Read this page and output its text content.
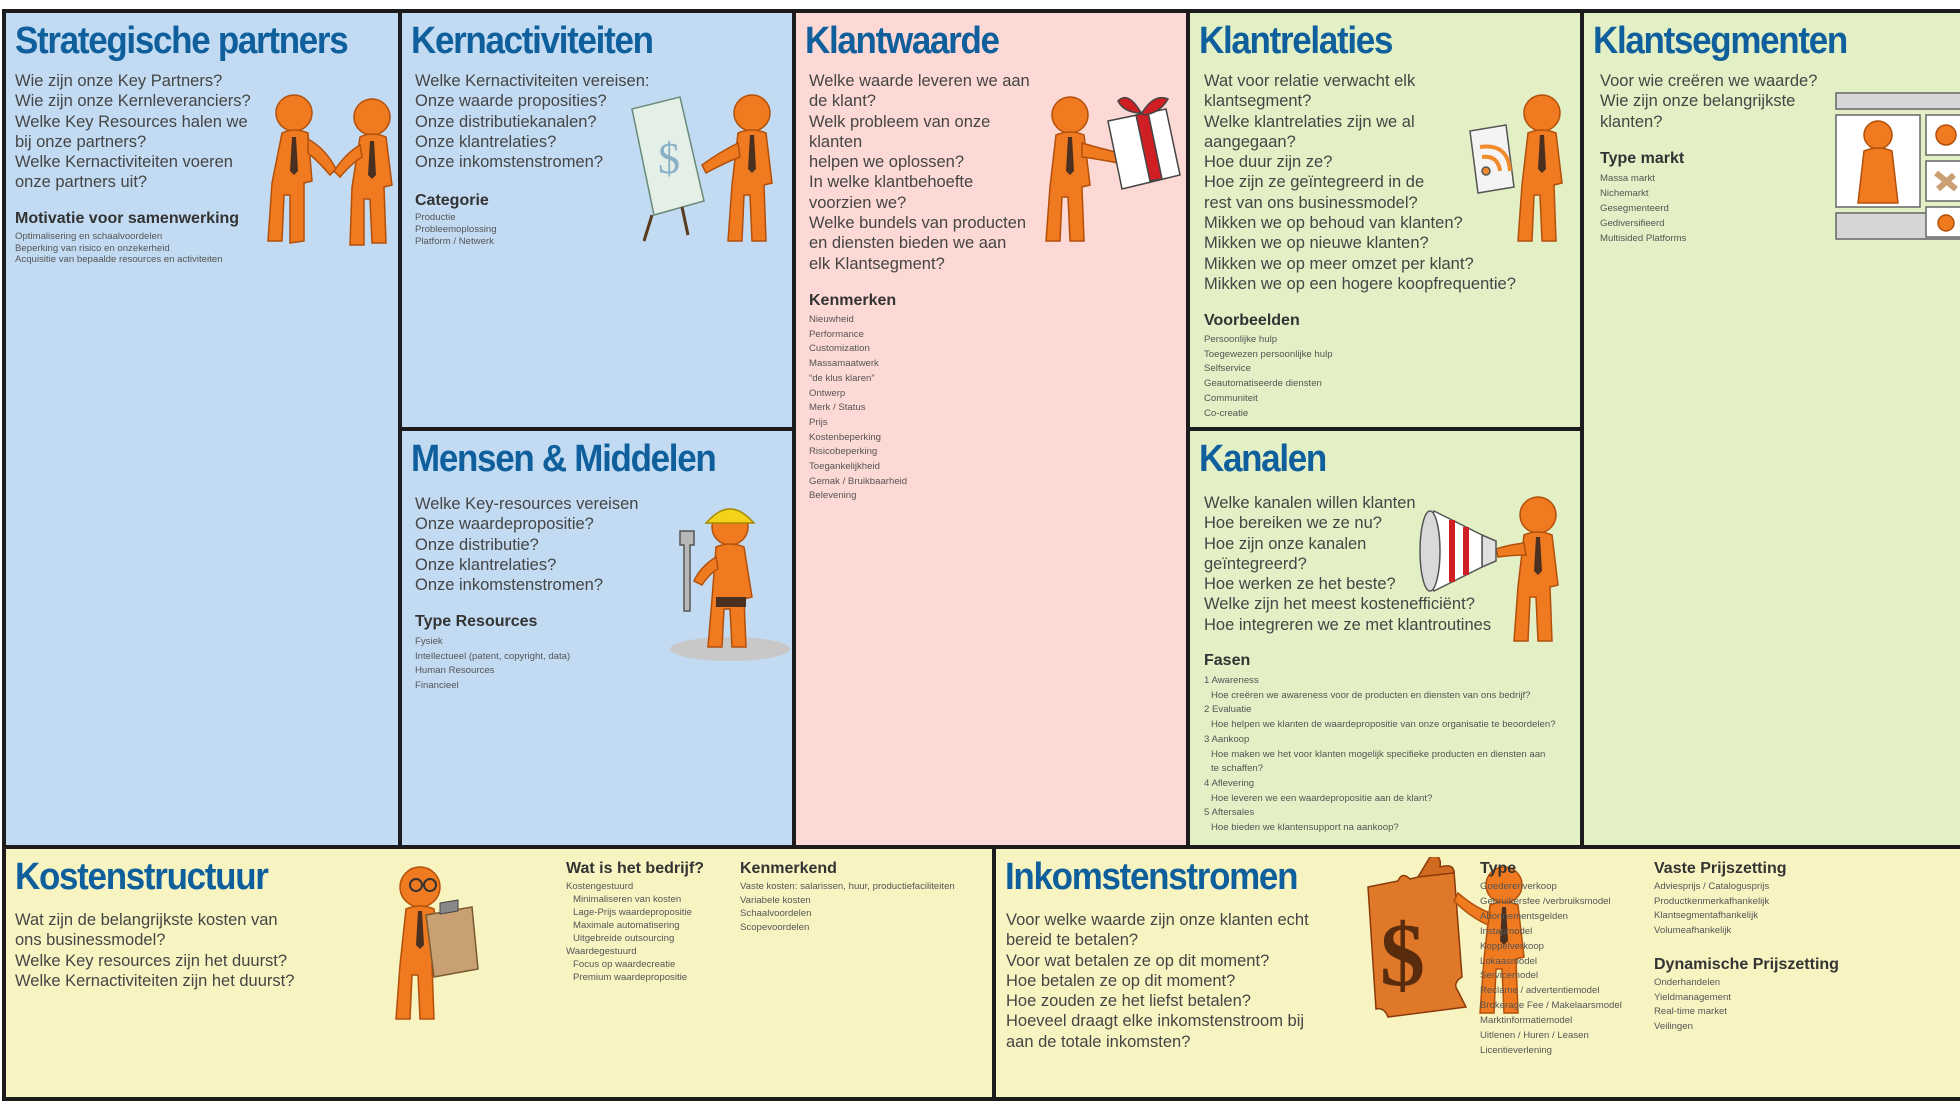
Strategische partners
Wie zijn onze Key Partners?
Wie zijn onze Kernleveranciers?
Welke Key Resources halen we
bij onze partners?
Welke Kernactiviteiten voeren
onze partners uit?
Motivatie voor samenwerking
Optimalisering en schaalvoordelen
Beperking van risico en onzekerheid
Acquisitie van bepaalde resources en activiteiten
Kernactiviteiten
Welke Kernactiviteiten vereisen:
Onze waarde proposities?
Onze distributiekanalen?
Onze klantrelaties?
Onze inkomstenstromen?
Categorie
Productie
Probleemoplossing
Platform / Netwerk
$
Mensen & Middelen
Welke Key-resources vereisen
Onze waardepropositie?
Onze distributie?
Onze klantrelaties?
Onze inkomstenstromen?
Type Resources
Fysiek
Intellectueel (patent, copyright, data)
Human Resources
Financieel
Klantwaarde
Welke waarde leveren we aan
de klant?
Welk probleem van onze
klanten
helpen we oplossen?
In welke klantbehoefte
voorzien we?
Welke bundels van producten
en diensten bieden we aan
elk Klantsegment?
Kenmerken
Nieuwheid
Performance
Customization
Massamaatwerk
“de klus klaren”
Ontwerp
Merk / Status
Prijs
Kostenbeperking
Risicobeperking
Toegankelijkheid
Gemak / Bruikbaarheid
Belevening
Klantrelaties
Wat voor relatie verwacht elk
klantsegment?
Welke klantrelaties zijn we al
aangegaan?
Hoe duur zijn ze?
Hoe zijn ze geïntegreerd in de
rest van ons businessmodel?
Mikken we op behoud van klanten?
Mikken we op nieuwe klanten?
Mikken we op meer omzet per klant?
Mikken we op een hogere koopfrequentie?
Voorbeelden
Persoonlijke hulp
Toegewezen persoonlijke hulp
Selfservice
Geautomatiseerde diensten
Communiteit
Co-creatie
Kanalen
Welke kanalen willen klanten
Hoe bereiken we ze nu?
Hoe zijn onze kanalen
geïntegreerd?
Hoe werken ze het beste?
Welke zijn het meest kostenefficiënt?
Hoe integreren we ze met klantroutines
Fasen
1 Awareness
Hoe creëren we awareness voor de producten en diensten van ons bedrijf?
2 Evaluatie
Hoe helpen we klanten de waardepropositie van onze organisatie te beoordelen?
3 Aankoop
Hoe maken we het voor klanten mogelijk specifieke producten en diensten aan
te schaffen?
4 Aflevering
Hoe leveren we een waardepropositie aan de klant?
5 Aftersales
Hoe bieden we klantensupport na aankoop?
Klantsegmenten
Voor wie creëren we waarde?
Wie zijn onze belangrijkste
klanten?
Type markt
Massa markt
Nichemarkt
Gesegmenteerd
Gediversifieerd
Multisided Platforms
Kostenstructuur
Wat zijn de belangrijkste kosten van
ons businessmodel?
Welke Key resources zijn het duurst?
Welke Kernactiviteiten zijn het duurst?
Wat is het bedrijf?
Kostengestuurd
Minimaliseren van kosten
Lage-Prijs waardepropositie
Maximale automatisering
Uitgebreide outsourcing
Waardegestuurd
Focus op waardecreatie
Premium waardepropositie
Kenmerkend
Vaste kosten: salarissen, huur, productiefaciliteiten
Variabele kosten
Schaalvoordelen
Scopevoordelen
Inkomstenstromen
Voor welke waarde zijn onze klanten echt
bereid te betalen?
Voor wat betalen ze op dit moment?
Hoe betalen ze op dit moment?
Hoe zouden ze het liefst betalen?
Hoeveel draagt elke inkomstenstroom bij
aan de totale inkomsten?
$
Type
Goederenverkoop
Gebruikersfee /verbruiksmodel
Abonnementsgelden
Instapmodel
Koppelverkoop
Lokaasmodel
Servicemodel
Reclame / advertentiemodel
Brokerage Fee / Makelaarsmodel
Marktinformatiemodel
Uitlenen / Huren / Leasen
Licentieverlening
Vaste Prijszetting
Adviesprijs / Catalogusprijs
Productkenmerkafhankelijk
Klantsegmentafhankelijk
Volumeafhankelijk
Dynamische Prijszetting
Onderhandelen
Yieldmanagement
Real-time market
Veilingen
